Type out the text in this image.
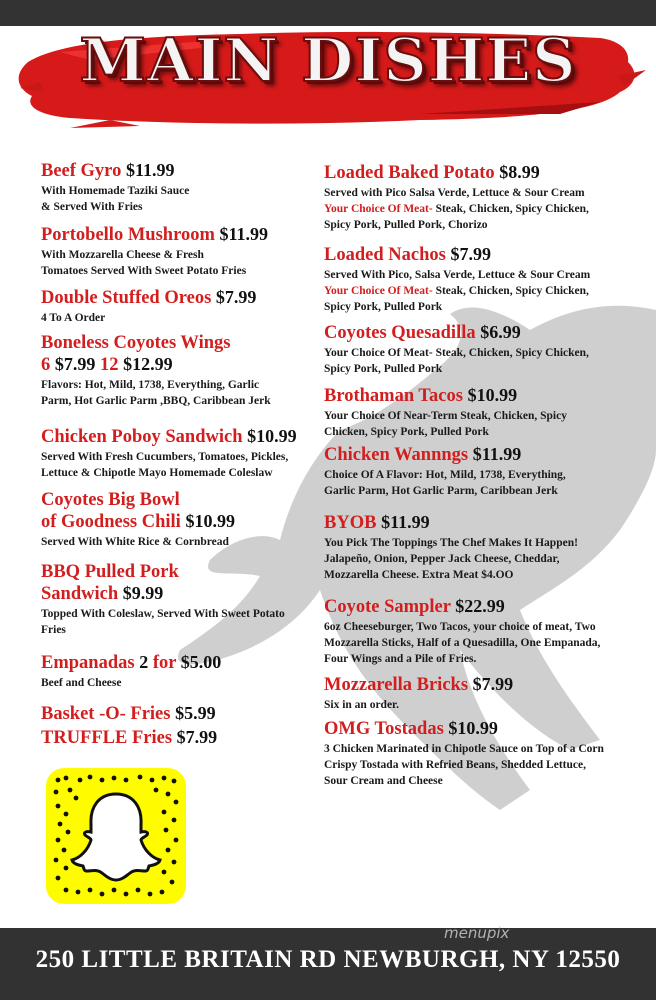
MAIN DISHES
Beef Gyro $11.99
With Homemade Taziki Sauce
& Served With Fries
Portobello Mushroom $11.99
With Mozzarella Cheese & Fresh
Tomatoes Served With Sweet Potato Fries
Double Stuffed Oreos $7.99
4 To A Order
Boneless Coyotes Wings
6 $7.99 12 $12.99
Flavors: Hot, Mild, 1738, Everything, Garlic
Parm, Hot Garlic Parm ,BBQ, Caribbean Jerk
Chicken Poboy Sandwich $10.99
Served With Fresh Cucumbers, Tomatoes, Pickles,
Lettuce & Chipotle Mayo Homemade Coleslaw
Coyotes Big Bowl
of Goodness Chili $10.99
Served With White Rice & Cornbread
BBQ Pulled Pork
Sandwich $9.99
Topped With Coleslaw, Served With Sweet Potato
Fries
Empanadas 2 for $5.00
Beef and Cheese
Basket -O- Fries $5.99
TRUFFLE Fries $7.99
Loaded Baked Potato $8.99
Served with Pico Salsa Verde, Lettuce & Sour Cream
Your Choice Of Meat- Steak, Chicken, Spicy Chicken,
Spicy Pork, Pulled Pork, Chorizo
Loaded Nachos $7.99
Served With Pico, Salsa Verde, Lettuce & Sour Cream
Your Choice Of Meat- Steak, Chicken, Spicy Chicken,
Spicy Pork, Pulled Pork
Coyotes Quesadilla $6.99
Your Choice Of Meat- Steak, Chicken, Spicy Chicken,
Spicy Pork, Pulled Pork
Brothaman Tacos $10.99
Your Choice Of Near-Term Steak, Chicken, Spicy
Chicken, Spicy Pork, Pulled Pork
Chicken Wannngs $11.99
Choice Of A Flavor: Hot, Mild, 1738, Everything,
Garlic Parm, Hot Garlic Parm, Caribbean Jerk
BYOB $11.99
You Pick The Toppings The Chef Makes It Happen!
Jalapeño, Onion, Pepper Jack Cheese, Cheddar,
Mozzarella Cheese. Extra Meat $4.OO
Coyote Sampler $22.99
6oz Cheeseburger, Two Tacos, your choice of meat, Two
Mozzarella Sticks, Half of a Quesadilla, One Empanada,
Four Wings and a Pile of Fries.
Mozzarella Bricks $7.99
Six in an order.
OMG Tostadas $10.99
3 Chicken Marinated in Chipotle Sauce on Top of a Corn
Crispy Tostada with Refried Beans, Shedded Lettuce,
Sour Cream and Cheese
menupix
250 LITTLE BRITAIN RD NEWBURGH, NY 12550
